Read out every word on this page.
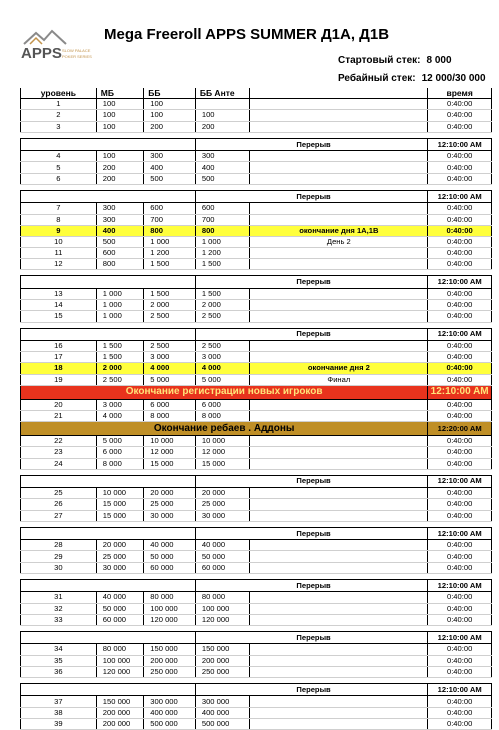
APPS SLOW PALACE
POKER SERIES
Mega Freeroll APPS SUMMER Д1А, Д1В
Стартовый стек: 8 000
Ребайный стек: 12 000/30 000
уровень	МБ	ББ	ББ Анте		время
1	100	100			0:40:00
2	100	100	100		0:40:00
3	100	200	200		0:40:00

			Перерыв		12:10:00 AM
4	100	300	300		0:40:00
5	200	400	400		0:40:00
6	200	500	500		0:40:00

			Перерыв		12:10:00 AM
7	300	600	600		0:40:00
8	300	700	700		0:40:00
9	400	800	800	окончание дня 1А,1В	0:40:00
10	500	1 000	1 000	День 2	0:40:00
11	600	1 200	1 200		0:40:00
12	800	1 500	1 500		0:40:00

			Перерыв		12:10:00 AM
13	1 000	1 500	1 500		0:40:00
14	1 000	2 000	2 000		0:40:00
15	1 000	2 500	2 500		0:40:00

			Перерыв		12:10:00 AM
16	1 500	2 500	2 500		0:40:00
17	1 500	3 000	3 000		0:40:00
18	2 000	4 000	4 000	окончание дня 2	0:40:00
19	2 500	5 000	5 000	Финал	0:40:00
Окончание регистрации новых игроков					12:10:00 AM
20	3 000	6 000	6 000		0:40:00
21	4 000	8 000	8 000		0:40:00
Окончание ребаев . Аддоны					12:20:00 AM
22	5 000	10 000	10 000		0:40:00
23	6 000	12 000	12 000		0:40:00
24	8 000	15 000	15 000		0:40:00

			Перерыв		12:10:00 AM
25	10 000	20 000	20 000		0:40:00
26	15 000	25 000	25 000		0:40:00
27	15 000	30 000	30 000		0:40:00

			Перерыв		12:10:00 AM
28	20 000	40 000	40 000		0:40:00
29	25 000	50 000	50 000		0:40:00
30	30 000	60 000	60 000		0:40:00

			Перерыв		12:10:00 AM
31	40 000	80 000	80 000		0:40:00
32	50 000	100 000	100 000		0:40:00
33	60 000	120 000	120 000		0:40:00

			Перерыв		12:10:00 AM
34	80 000	150 000	150 000		0:40:00
35	100 000	200 000	200 000		0:40:00
36	120 000	250 000	250 000		0:40:00

			Перерыв		12:10:00 AM
37	150 000	300 000	300 000		0:40:00
38	200 000	400 000	400 000		0:40:00
39	200 000	500 000	500 000		0:40:00
